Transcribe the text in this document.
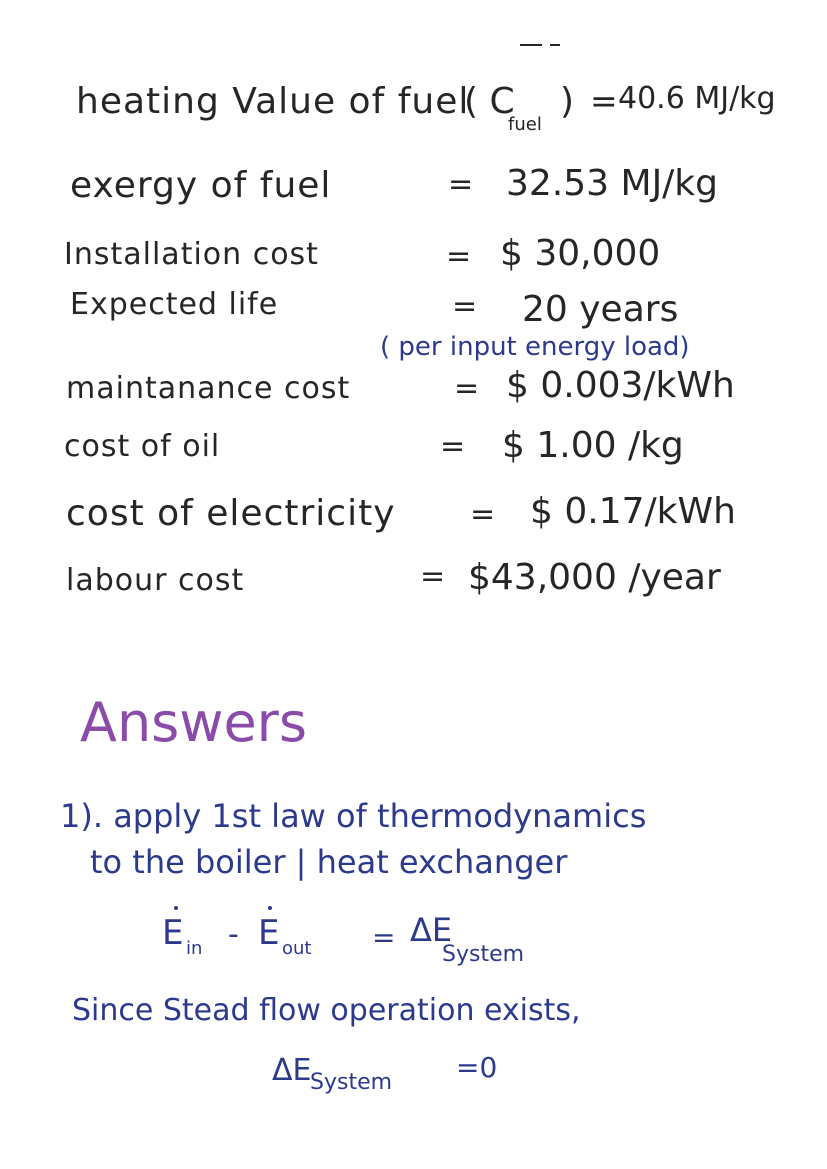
heating Value of fuel
( C
fuel
) = 40.6 MJ/kg
exergy of fuel	= 32.53 MJ/kg
Installation cost	= $ 30,000
Expected life	= 20 years
( per input energy load)
maintanance cost	= $ 0.003/kWh
cost of oil	= $ 1.00 /kg
cost of electricity = $ 0.17/kWh
labour cost	= $43,000 /year
Answers
1). apply 1st law of thermodynamics
to the boiler | heat exchanger
E in - E out = ΔE
System
Since Stead flow operation exists,
ΔE
System =0
